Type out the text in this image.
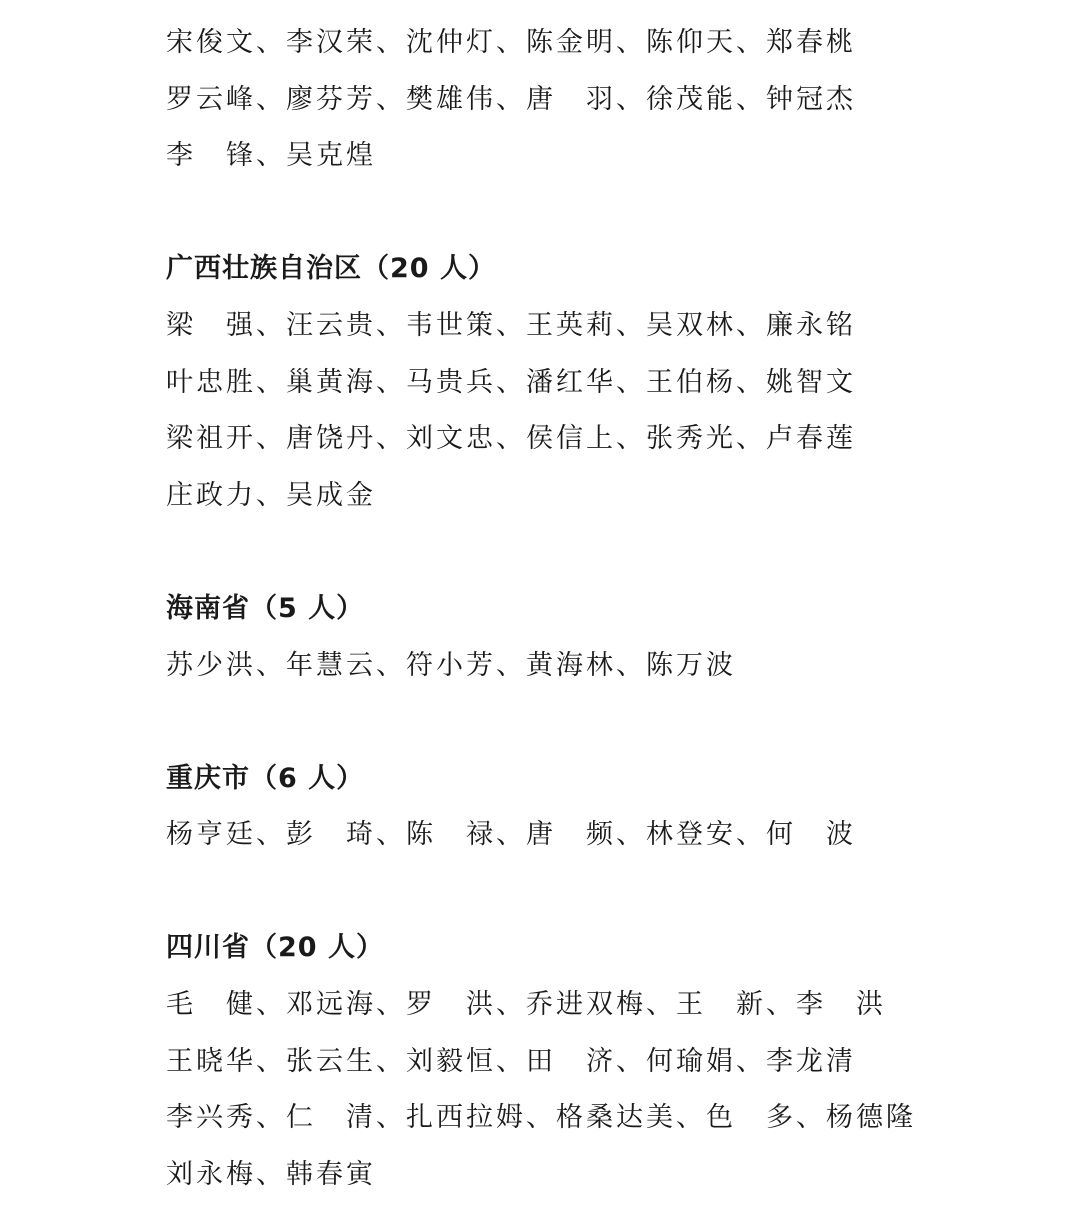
宋俊文、李汉荣、沈仲灯、陈金明、陈仰天、郑春桃
罗云峰、廖芬芳、樊雄伟、唐　羽、徐茂能、钟冠杰
李　锋、吴克煌
广西壮族自治区（20 人）
梁　强、汪云贵、韦世策、王英莉、吴双林、廉永铭
叶忠胜、巢黄海、马贵兵、潘红华、王伯杨、姚智文
梁祖开、唐饶丹、刘文忠、侯信上、张秀光、卢春莲
庄政力、吴成金
海南省（5 人）
苏少洪、年慧云、符小芳、黄海林、陈万波
重庆市（6 人）
杨亨廷、彭　琦、陈　禄、唐　频、林登安、何　波
四川省（20 人）
毛　健、邓远海、罗　洪、乔进双梅、王　新、李　洪
王晓华、张云生、刘毅恒、田　济、何瑜娟、李龙清
李兴秀、仁　清、扎西拉姆、格桑达美、色　多、杨德隆
刘永梅、韩春寅
